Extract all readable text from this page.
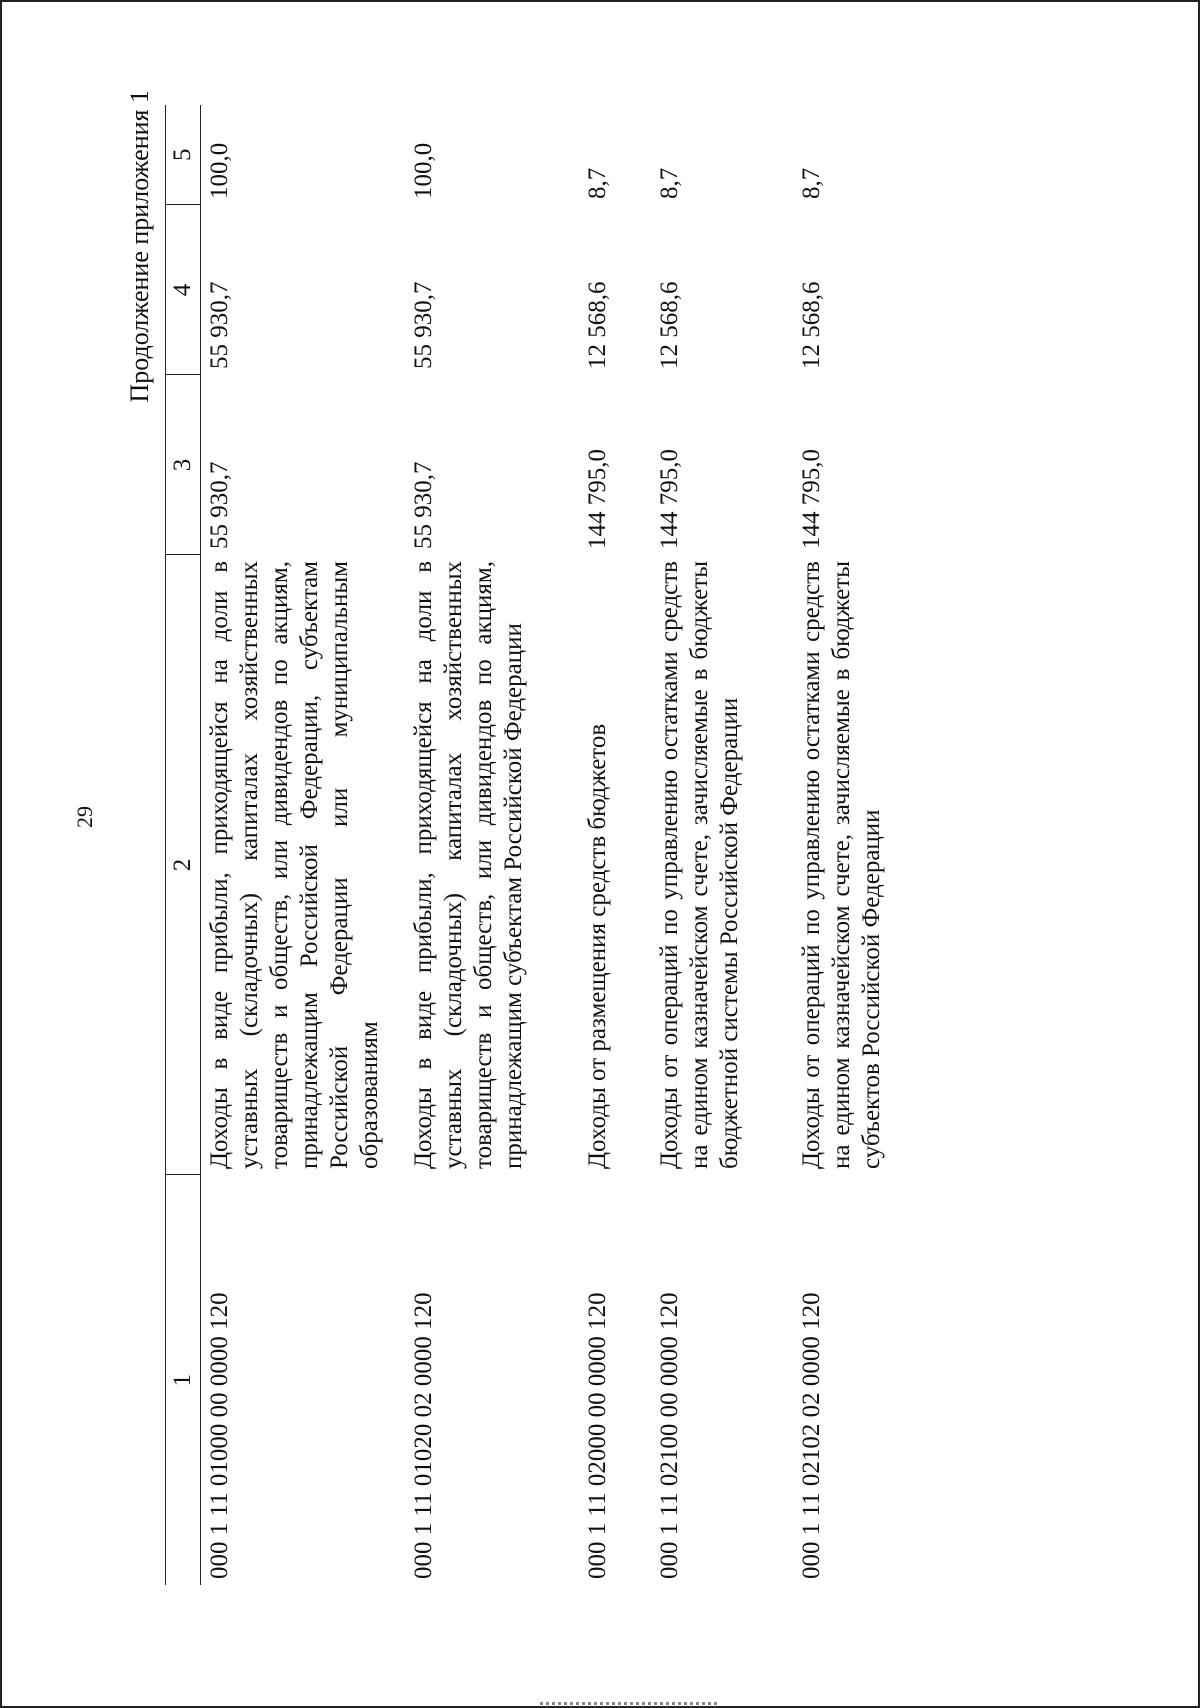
29
Продолжение приложения 1
1	2	3	4	5
000 1 11 01000 00 0000 120	Доходы в виде прибыли, приходящейся на доли в уставных (складочных) капиталах хозяйственных товариществ и обществ, или дивидендов по акциям, принадлежащим Российской Федерации, субъектам Российской Федерации или муниципальным образованиям	55 930,7	55 930,7	100,0
000 1 11 01020 02 0000 120	Доходы в виде прибыли, приходящейся на доли в уставных (складочных) капиталах хозяйственных товариществ и обществ, или дивидендов по акциям, принадлежащим субъектам Российской Федерации	55 930,7	55 930,7	100,0
000 1 11 02000 00 0000 120	Доходы от размещения средств бюджетов	144 795,0	12 568,6	8,7
000 1 11 02100 00 0000 120	Доходы от операций по управлению остатками средств на едином казначейском счете, зачисляемые в бюджеты бюджетной системы Российской Федерации	144 795,0	12 568,6	8,7
000 1 11 02102 02 0000 120	Доходы от операций по управлению остатками средств на едином казначейском счете, зачисляемые в бюджеты субъектов Российской Федерации	144 795,0	12 568,6	8,7
